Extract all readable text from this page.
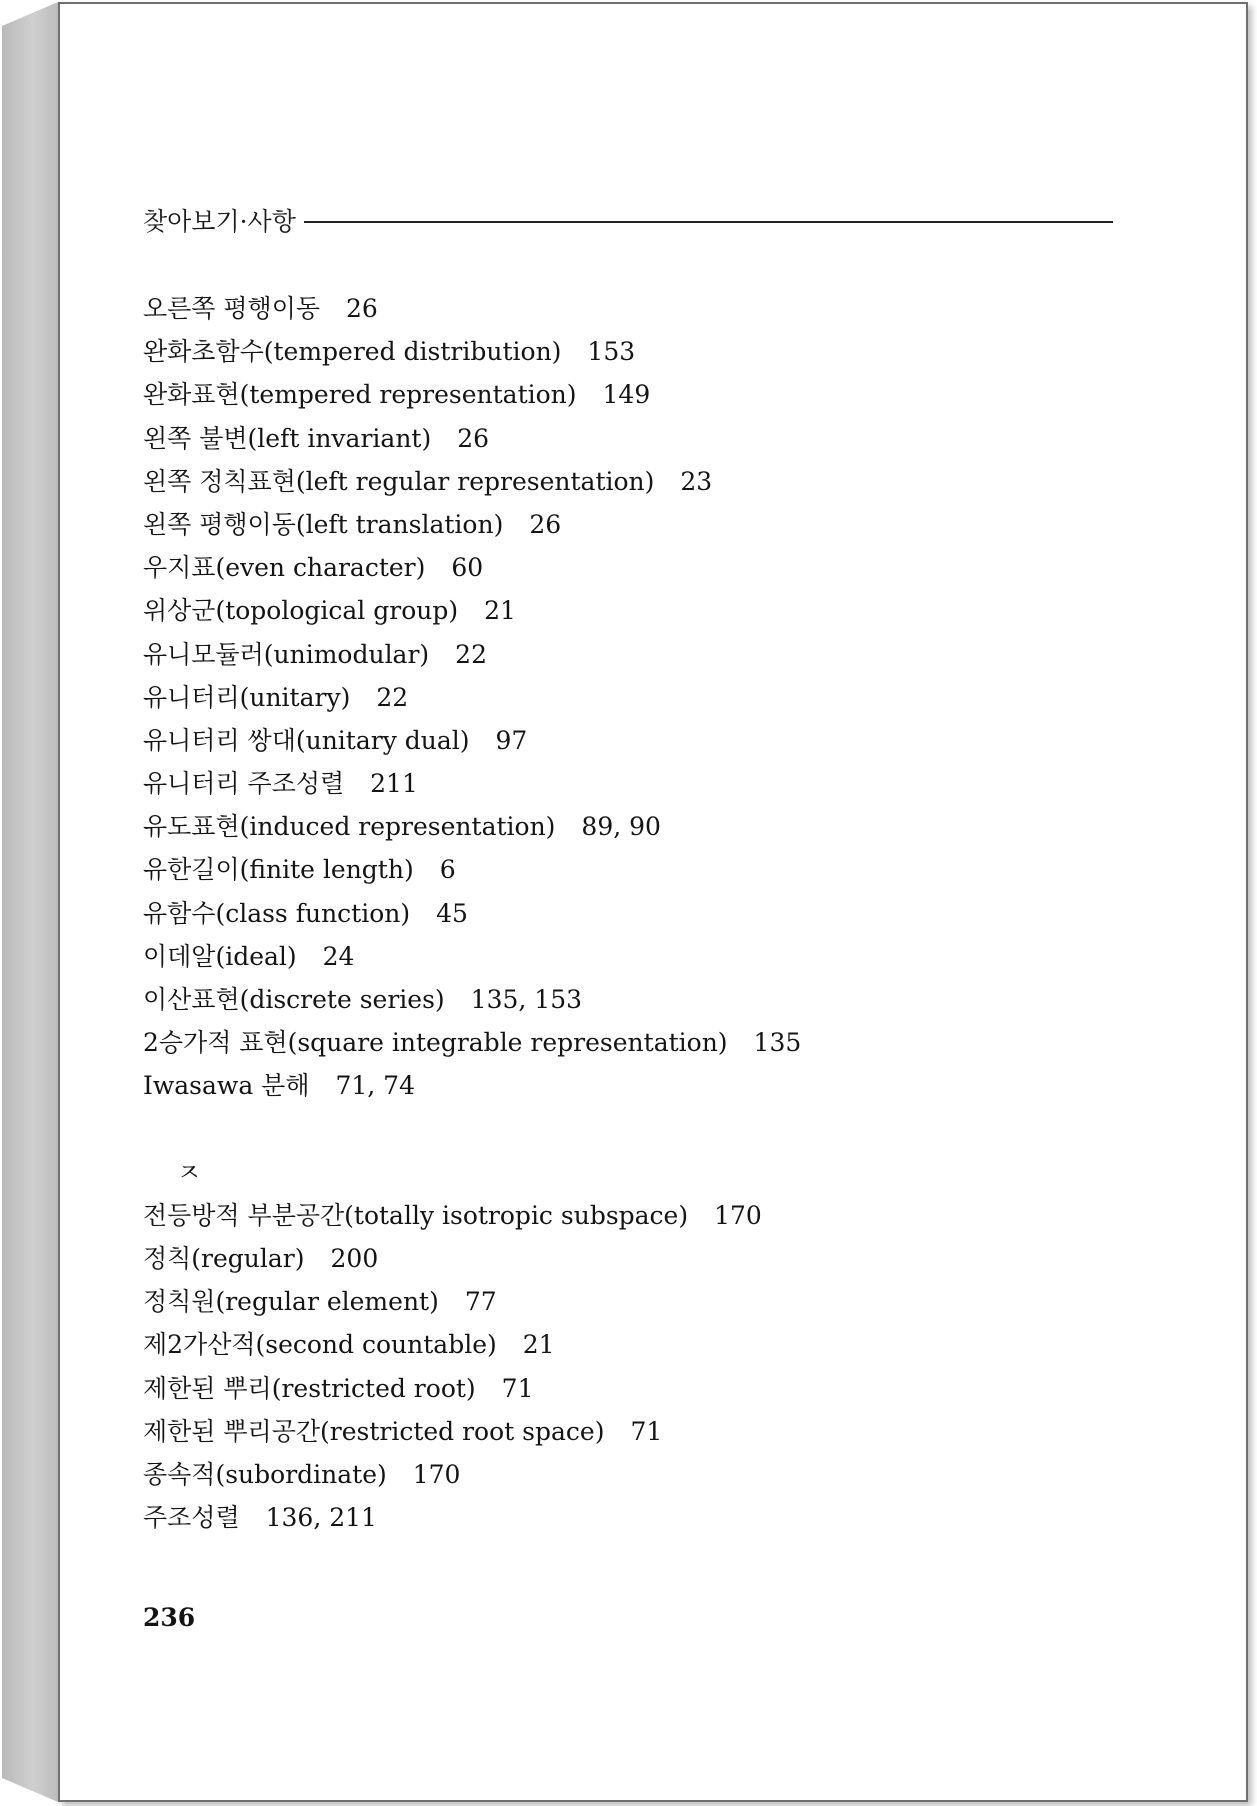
찾아보기·사항
오른쪽 평행이동 26
완화초함수(tempered distribution) 153
완화표현(tempered representation) 149
왼쪽 불변(left invariant) 26
왼쪽 정칙표현(left regular representation) 23
왼쪽 평행이동(left translation) 26
우지표(even character) 60
위상군(topological group) 21
유니모듈러(unimodular) 22
유니터리(unitary) 22
유니터리 쌍대(unitary dual) 97
유니터리 주조성렬 211
유도표현(induced representation) 89, 90
유한길이(finite length) 6
유함수(class function) 45
이데알(ideal) 24
이산표현(discrete series) 135, 153
2승가적 표현(square integrable representation) 135
Iwasawa 분해 71, 74
ㅈ
전등방적 부분공간(totally isotropic subspace) 170
정칙(regular) 200
정칙원(regular element) 77
제2가산적(second countable) 21
제한된 뿌리(restricted root) 71
제한된 뿌리공간(restricted root space) 71
종속적(subordinate) 170
주조성렬 136, 211
236
